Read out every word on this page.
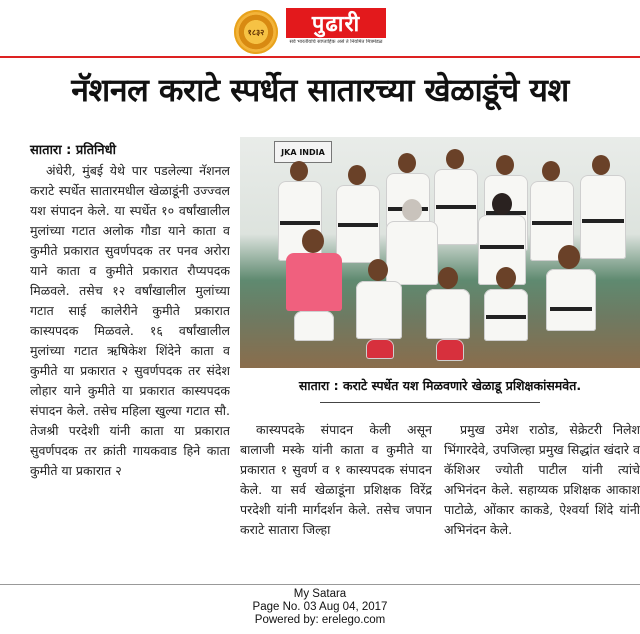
१८३२	पुढारी
सर्व भारतीयांचे साप्ताहिक असे ते नियमित मित्रमंडळ
नॅशनल कराटे स्पर्धेत सातारच्या खेळाडूंचे यश
सातारा : प्रतिनिधी

अंधेरी, मुंबई येथे पार पडलेल्या नॅशनल कराटे स्पर्धेत सातारमधील खेळाडूंनी उज्ज्वल यश संपादन केले. या स्पर्धेत १० वर्षांखालील मुलांच्या गटात अलोक गौडा याने काता व कुमीते प्रकारात सुवर्णपदक तर पनव अरोरा याने काता व कुमीते प्रकारात रौप्यपदक मिळवले. तसेच १२ वर्षांखालील मुलांच्या गटात साई कालेरीने कुमीते प्रकारात कास्यपदक मिळवले. १६ वर्षांखालील मुलांच्या गटात ऋषिकेश शिंदेने काता व कुमीते या प्रकारात २ सुवर्णपदक तर संदेश लोहार याने कुमीते या प्रकारात कास्यपदक संपादन केले. तसेच महिला खुल्या गटात सौ. तेजश्री परदेशी यांनी काता या प्रकारात सुवर्णपदक तर क्रांती गायकवाड हिने काता कुमीते या प्रकारात २

JKA INDIA
सातारा : कराटे स्पर्धेत यश मिळवणारे खेळाडू प्रशिक्षकांसमवेत.

कास्यपदके संपादन केली असून बालाजी मस्के यांनी काता व कुमीते या प्रकारात १ सुवर्ण व १ कास्यपदक संपादन केले. या सर्व खेळाडूंना प्रशिक्षक विरेंद्र परदेशी यांनी मार्गदर्शन केले. तसेच जपान कराटे सातारा जिल्हा

प्रमुख उमेश राठोड, सेक्रेटरी निलेश भिंगारदेवे, उपजिल्हा प्रमुख सिद्धांत खंदारे व कॅशिअर ज्योती पाटील यांनी त्यांचे अभिनंदन केले. सहाय्यक प्रशिक्षक आकाश पाटोळे, ओंकार काकडे, ऐश्वर्या शिंदे यांनी अभिनंदन केले.

My Satara
Page No. 03 Aug 04, 2017
Powered by: erelego.com
